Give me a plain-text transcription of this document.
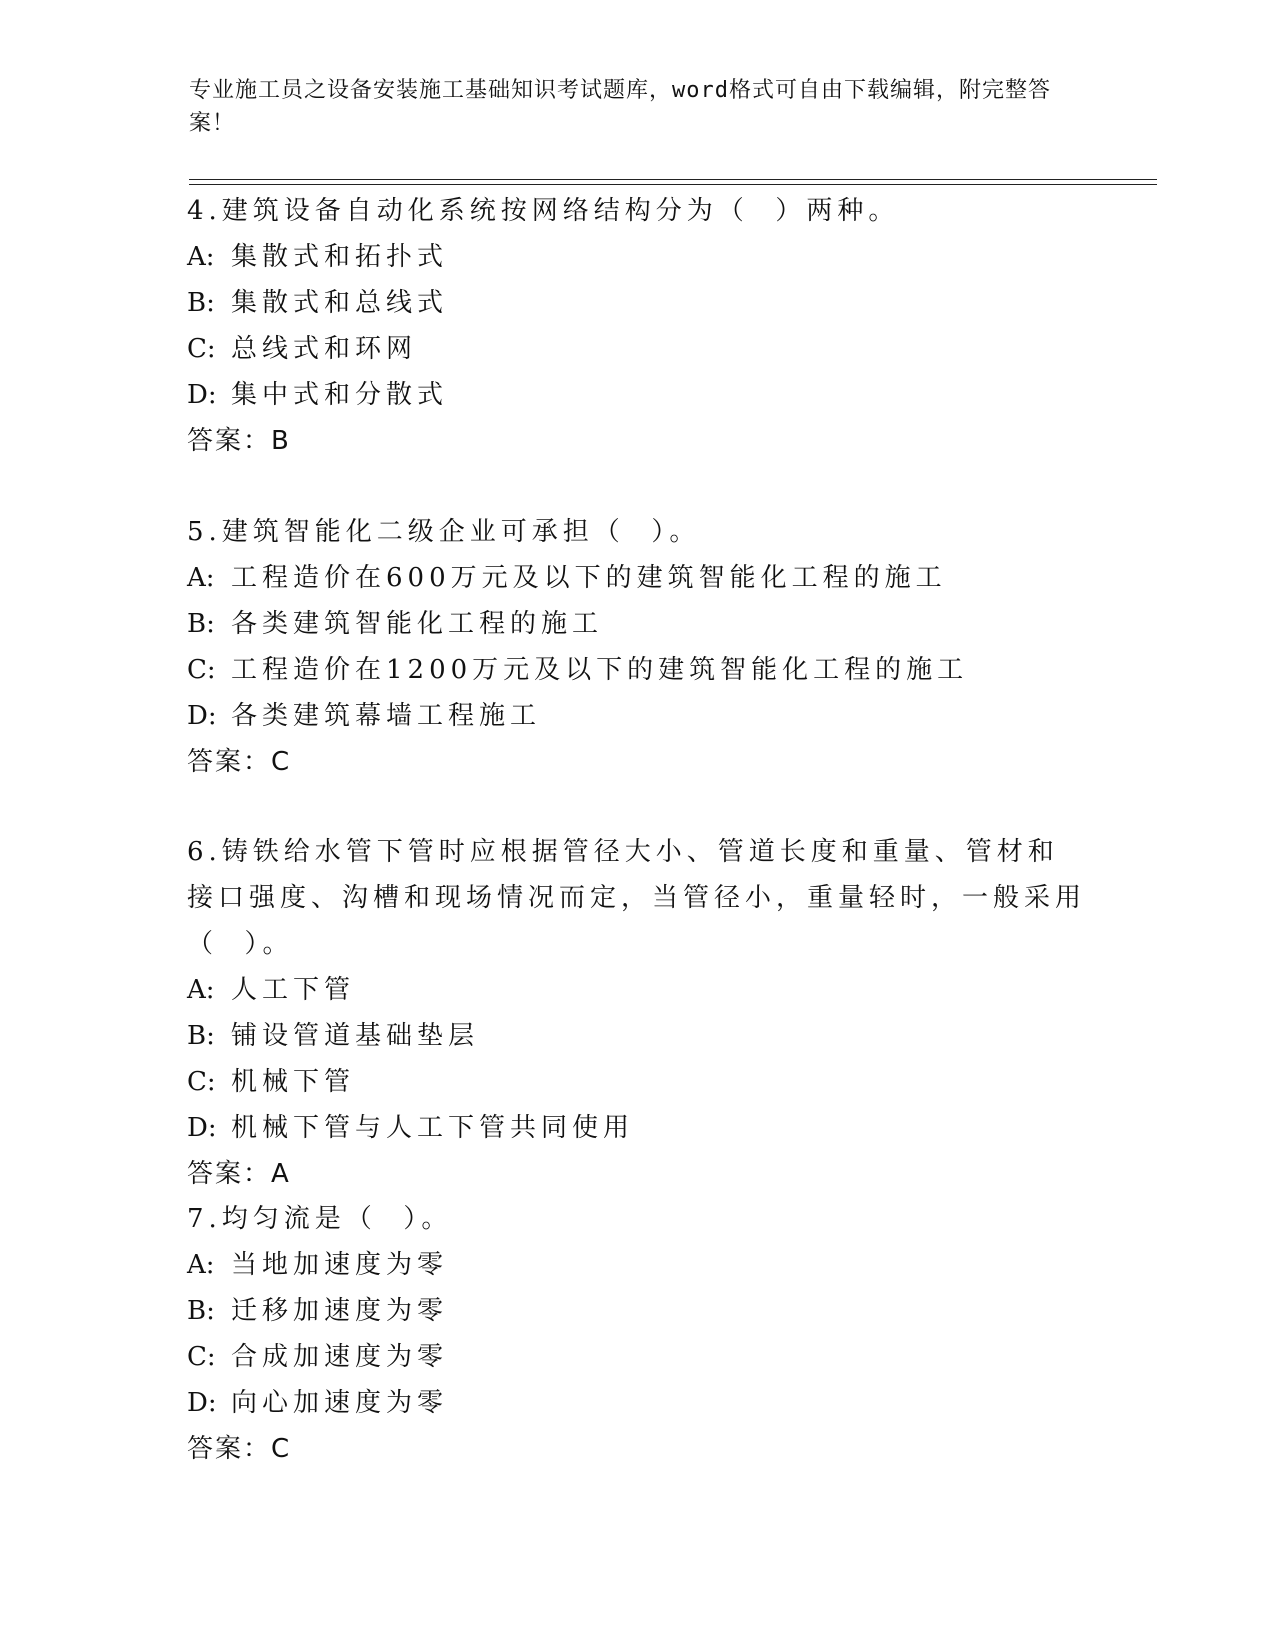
专业施工员之设备安装施工基础知识考试题库，word格式可自由下载编辑，附完整答案！

4.建筑设备自动化系统按网络结构分为（  ）两种。

A: 集散式和拓扑式

B: 集散式和总线式

C: 总线式和环网

D: 集中式和分散式

答案：B

5.建筑智能化二级企业可承担（  ）。

A: 工程造价在600万元及以下的建筑智能化工程的施工

B: 各类建筑智能化工程的施工

C: 工程造价在1200万元及以下的建筑智能化工程的施工

D: 各类建筑幕墙工程施工

答案：C

6.铸铁给水管下管时应根据管径大小、管道长度和重量、管材和接口强度、沟槽和现场情况而定，当管径小，重量轻时，一般采用（  ）。

A: 人工下管

B: 铺设管道基础垫层

C: 机械下管

D: 机械下管与人工下管共同使用

答案：A

7.均匀流是（  ）。

A: 当地加速度为零

B: 迁移加速度为零

C: 合成加速度为零

D: 向心加速度为零

答案：C
